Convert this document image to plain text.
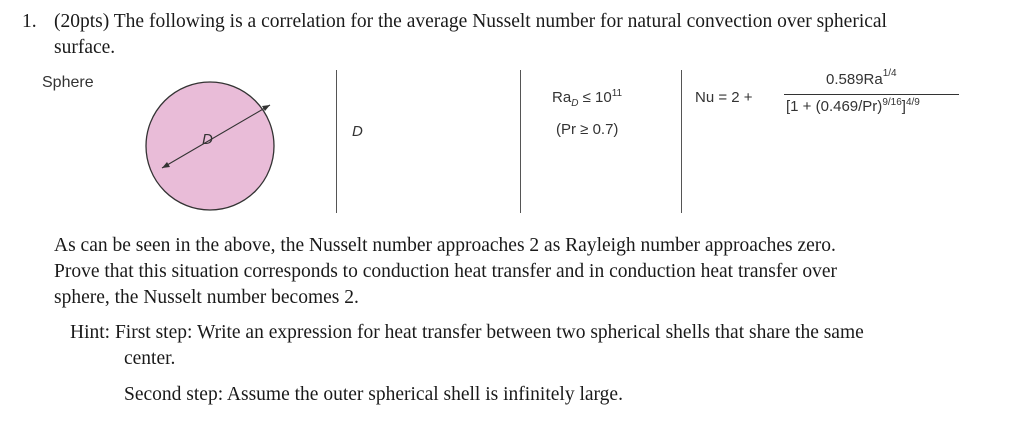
1. (20pts) The following is a correlation for the average Nusselt number for natural convection over spherical
surface.
Sphere
D	D
$Ra_D \le 10^{11}$
(Pr ≥ 0.7)
Nu = 2 +
$0.589Ra^{1/4}$
$[1 + (0.469/Pr)^{9/16}]^{4/9}$
As can be seen in the above, the Nusselt number approaches 2 as Rayleigh number approaches zero.
Prove that this situation corresponds to conduction heat transfer and in conduction heat transfer over
sphere, the Nusselt number becomes 2.
Hint: First step: Write an expression for heat transfer between two spherical shells that share the same
center.
Second step: Assume the outer spherical shell is infinitely large.
